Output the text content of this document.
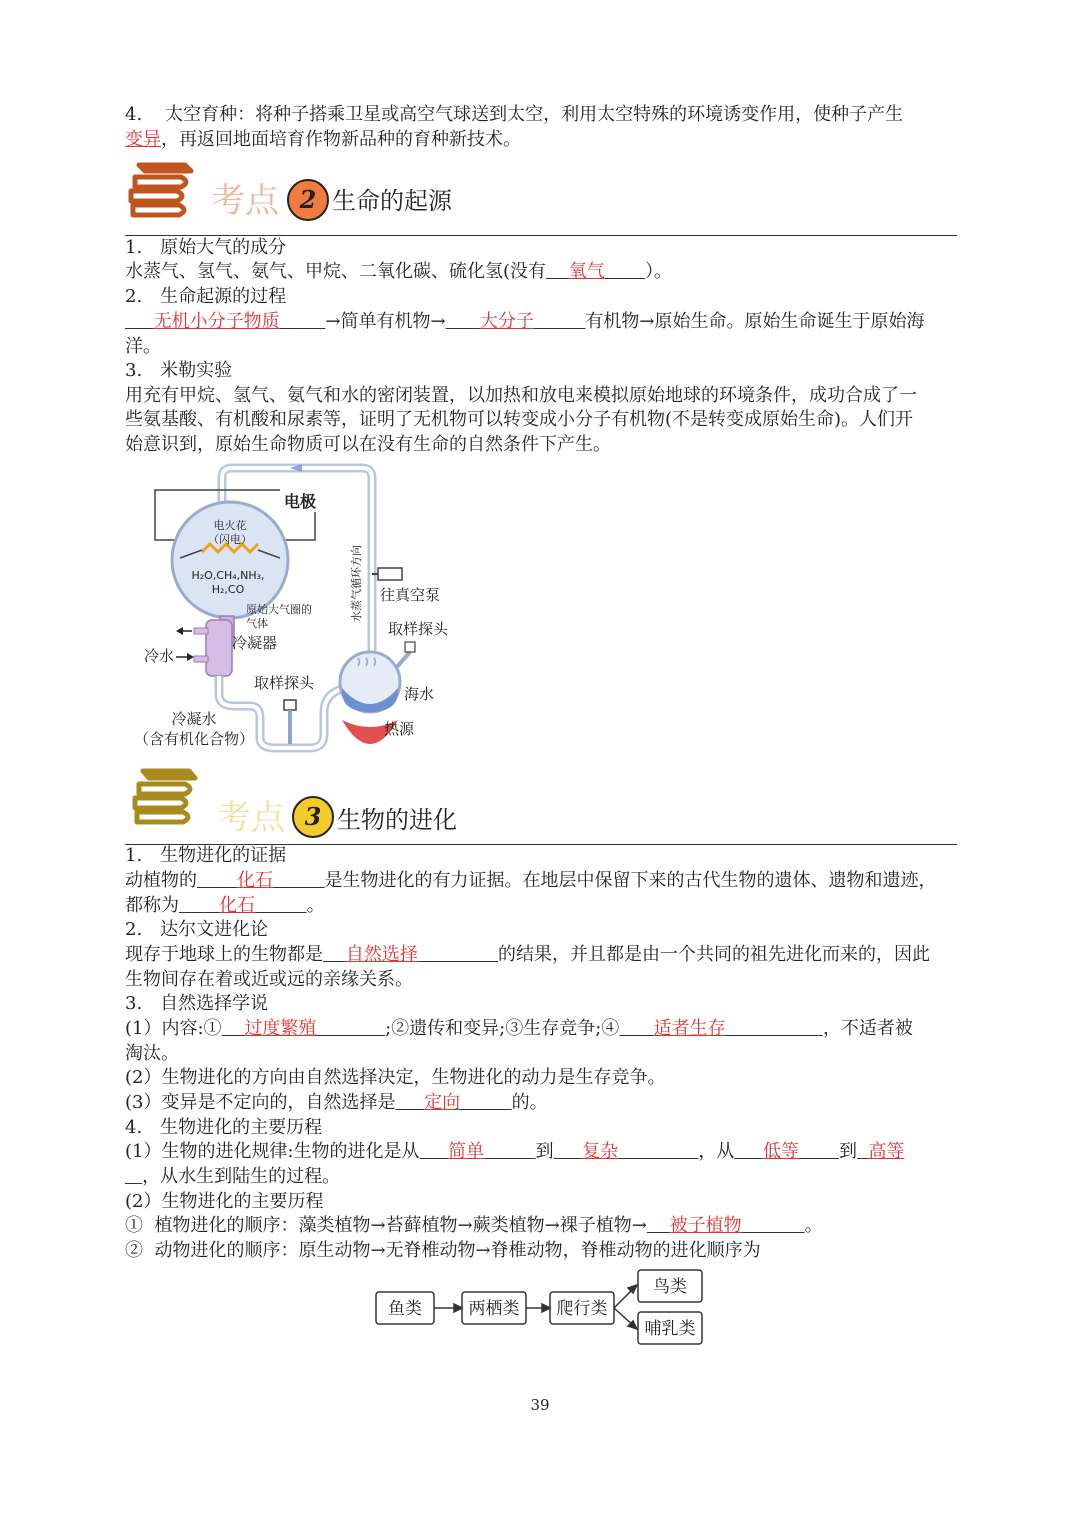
4. 太空育种：将种子搭乘卫星或高空气球送到太空，利用太空特殊的环境诱变作用，使种子产生
变异，再返回地面培育作物新品种的育种新技术。
考点 2 生命的起源
1.　原始大气的成分
水蒸气、氢气、氨气、甲烷、二氧化碳、硫化氢(没有 氧气 ）。
2.　生命起源的过程
无机小分子物质	→简单有机物→ 大分子	有机物→原始生命。原始生命诞生于原始海
洋。
3.　米勒实验
用充有甲烷、氢气、氨气和水的密闭装置，以加热和放电来模拟原始地球的环境条件，成功合成了一
些氨基酸、有机酸和尿素等，证明了无机物可以转变成小分子有机物(不是转变成原始生命)。人们开
始意识到，原始生命物质可以在没有生命的自然条件下产生。
电极
电火花
（闪电）
H₂O,CH₄,NH₃,
H₂,CO
原始大气圈的
气体
冷凝器
冷水
取样探头
取样探头
往真空泵
水蒸气循环方向
海水
热源
冷凝水
（含有机化合物）
考点 3 生物的进化
1.　生物进化的证据
动植物的 化石	是生物进化的有力证据。在地层中保留下来的古代生物的遗体、遗物和遗迹，
都称为 化石	。
2.　达尔文进化论
现存于地球上的生物都是 自然选择	的结果，并且都是由一个共同的祖先进化而来的，因此
生物间存在着或近或远的亲缘关系。
3.　自然选择学说
(1）内容:① 过度繁殖	;②遗传和变异;③生存竞争;④ 适者生存	，不适者被
淘汰。
(2）生物进化的方向由自然选择决定，生物进化的动力是生存竞争。
(3）变异是不定向的，自然选择是 定向	的。
4.　生物进化的主要历程
(1）生物的进化规律:生物的进化是从 简单	到 复杂	，从 低等 到 高等
，从水生到陆生的过程。
(2）生物进化的主要历程
① 植物进化的顺序：藻类植物→苔藓植物→蕨类植物→裸子植物→ 被子植物	。
② 动物进化的顺序：原生动物→无脊椎动物→脊椎动物，脊椎动物的进化顺序为
鱼类	两栖类 爬行类
鸟类
哺乳类
39
